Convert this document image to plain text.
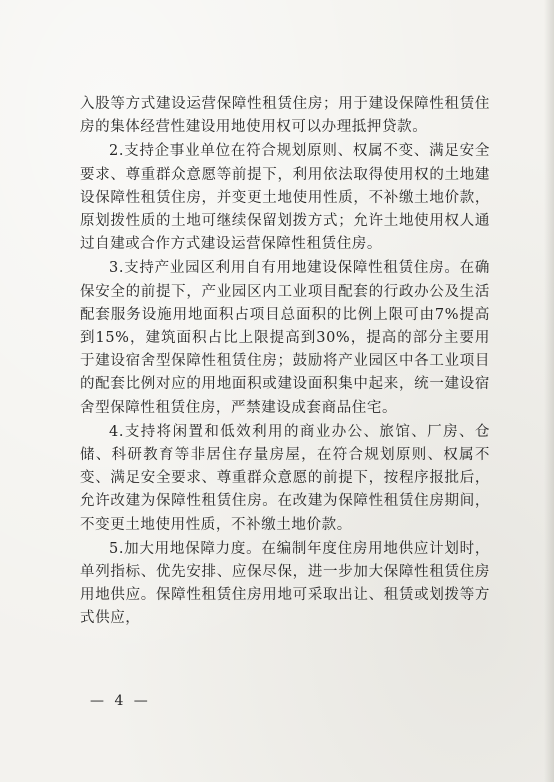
入股等方式建设运营保障性租赁住房；用于建设保障性租赁住房的集体经营性建设用地使用权可以办理抵押贷款。

2.支持企事业单位在符合规划原则、权属不变、满足安全要求、尊重群众意愿等前提下，利用依法取得使用权的土地建设保障性租赁住房，并变更土地使用性质，不补缴土地价款，原划拨性质的土地可继续保留划拨方式；允许土地使用权人通过自建或合作方式建设运营保障性租赁住房。

3.支持产业园区利用自有用地建设保障性租赁住房。在确保安全的前提下，产业园区内工业项目配套的行政办公及生活配套服务设施用地面积占项目总面积的比例上限可由7%提高到15%，建筑面积占比上限提高到30%，提高的部分主要用于建设宿舍型保障性租赁住房；鼓励将产业园区中各工业项目的配套比例对应的用地面积或建设面积集中起来，统一建设宿舍型保障性租赁住房，严禁建设成套商品住宅。

4.支持将闲置和低效利用的商业办公、旅馆、厂房、仓储、科研教育等非居住存量房屋，在符合规划原则、权属不变、满足安全要求、尊重群众意愿的前提下，按程序报批后，允许改建为保障性租赁住房。在改建为保障性租赁住房期间，不变更土地使用性质，不补缴土地价款。

5.加大用地保障力度。在编制年度住房用地供应计划时，单列指标、优先安排、应保尽保，进一步加大保障性租赁住房用地供应。保障性租赁住房用地可采取出让、租赁或划拨等方式供应，

— 4 —
